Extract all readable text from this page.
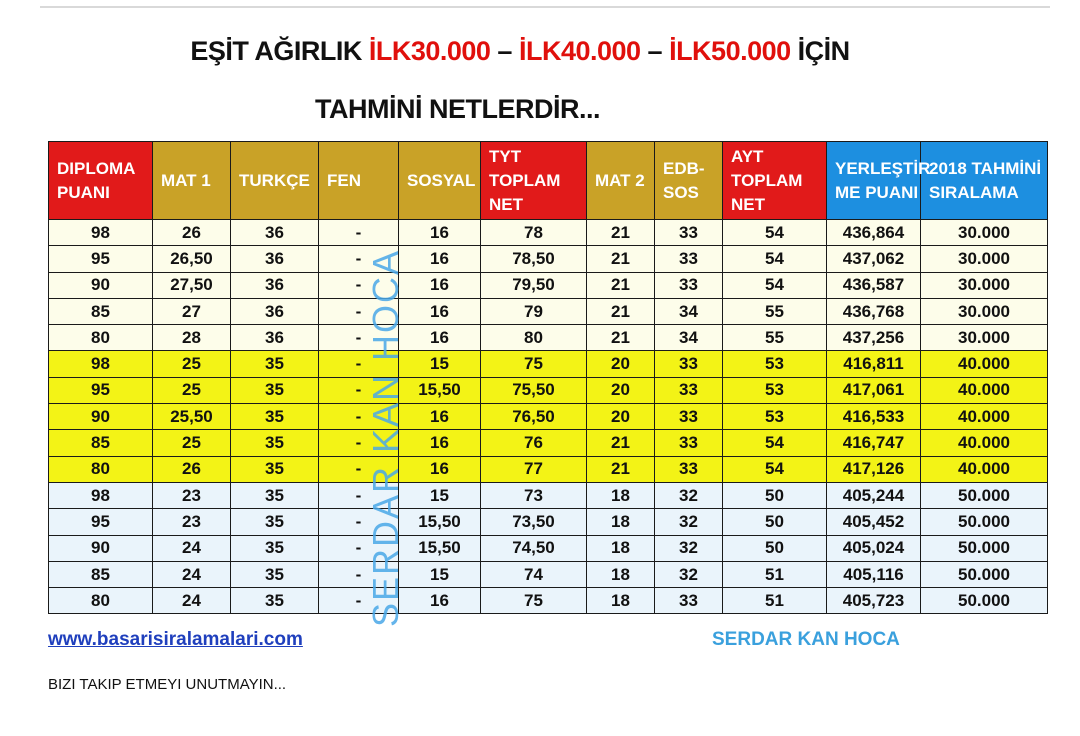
EŞİT AĞIRLIK İLK30.000 – İLK40.000 – İLK50.000 İÇİN
TAHMİNİ NETLERDİR...
DIPLOMA PUANI	MAT 1	TURKÇE	FEN	SOSYAL	TYT TOPLAM NET	MAT 2	EDB-SOS	AYT TOPLAM NET	YERLEŞTİR ME PUANI	2018 TAHMİNİ SIRALAMA
98	26	36	-	16	78	21	33	54	436,864	30.000
95	26,50	36	-	16	78,50	21	33	54	437,062	30.000
90	27,50	36	-	16	79,50	21	33	54	436,587	30.000
85	27	36	-	16	79	21	34	55	436,768	30.000
80	28	36	-	16	80	21	34	55	437,256	30.000
98	25	35	-	15	75	20	33	53	416,811	40.000
95	25	35	-	15,50	75,50	20	33	53	417,061	40.000
90	25,50	35	-	16	76,50	20	33	53	416,533	40.000
85	25	35	-	16	76	21	33	54	416,747	40.000
80	26	35	-	16	77	21	33	54	417,126	40.000
98	23	35	-	15	73	18	32	50	405,244	50.000
95	23	35	-	15,50	73,50	18	32	50	405,452	50.000
90	24	35	-	15,50	74,50	18	32	50	405,024	50.000
85	24	35	-	15	74	18	32	51	405,116	50.000
80	24	35	-	16	75	18	33	51	405,723	50.000
SERDAR KAN HOCA
www.basarisiralamalari.com	SERDAR KAN HOCA
BIZI TAKIP ETMEYI UNUTMAYIN...
